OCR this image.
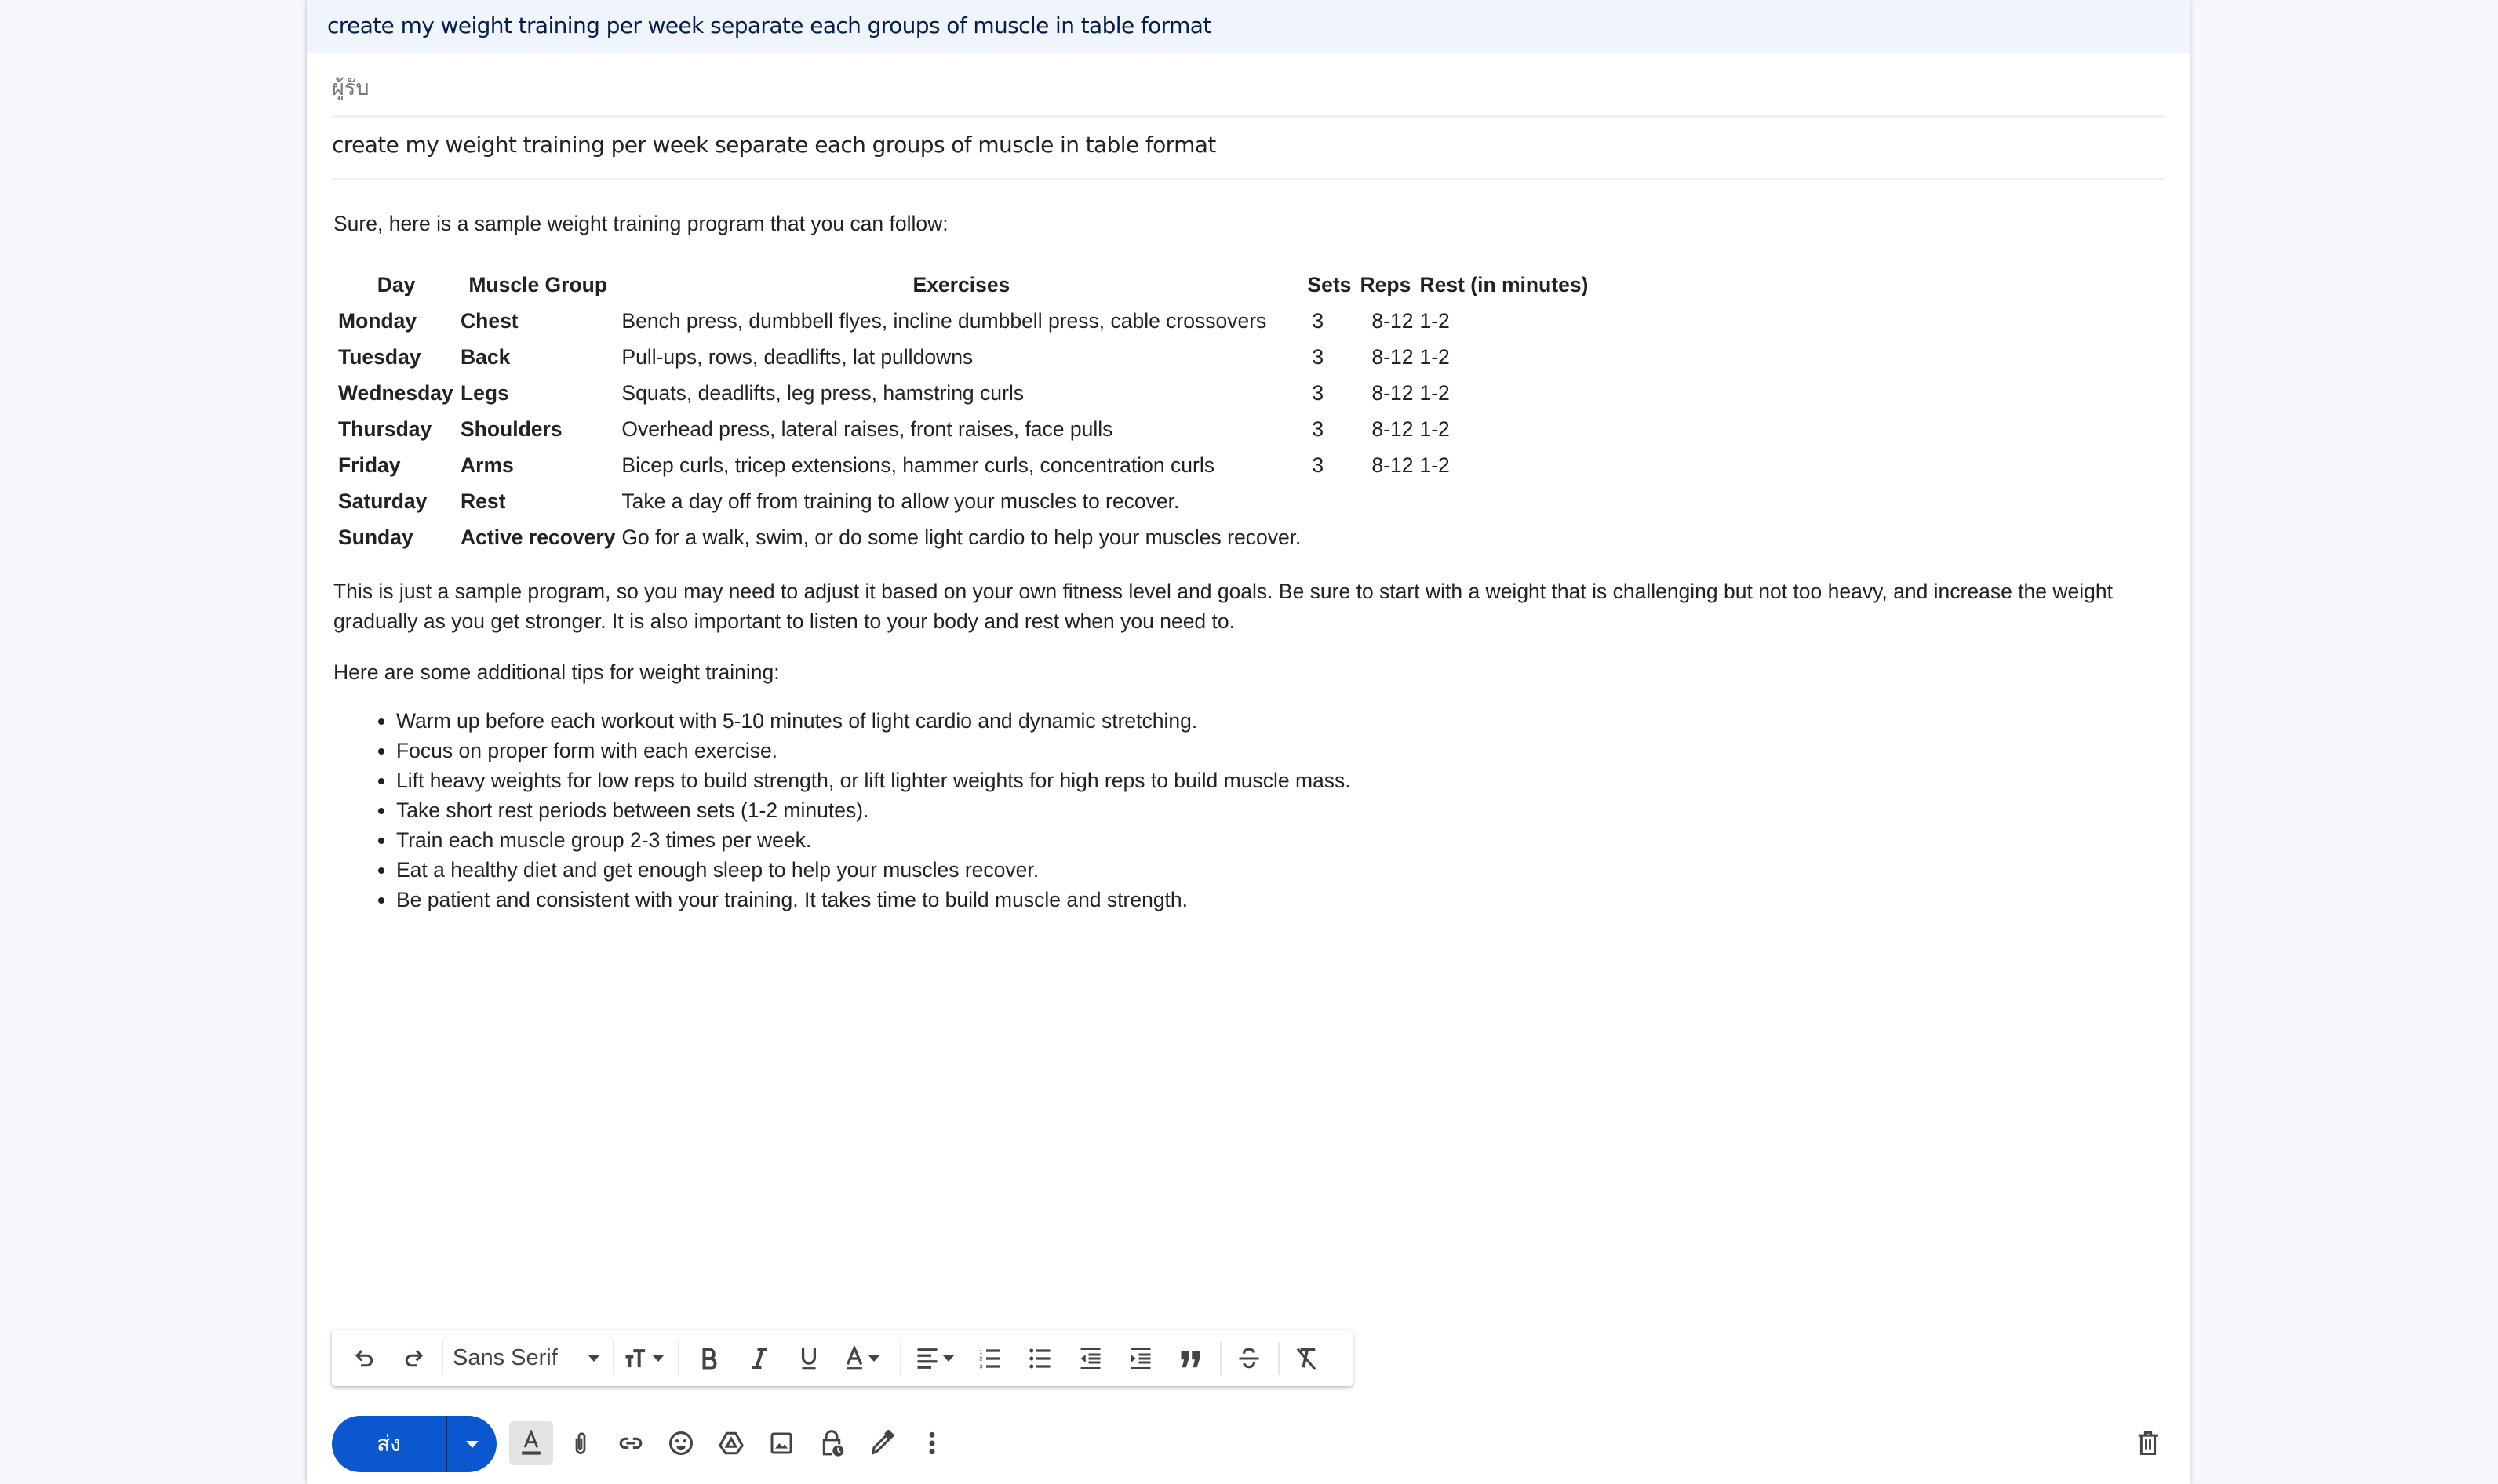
create my weight training per week separate each groups of muscle in table format
ผู้รับ
create my weight training per week separate each groups of muscle in table format
Sure, here is a sample weight training program that you can follow:
Day	Muscle Group	Exercises	Sets	Reps	Rest (in minutes)
Monday	Chest	Bench press, dumbbell flyes, incline dumbbell press, cable crossovers	3	8-12	1-2
Tuesday	Back	Pull-ups, rows, deadlifts, lat pulldowns	3	8-12	1-2
Wednesday	Legs	Squats, deadlifts, leg press, hamstring curls	3	8-12	1-2
Thursday	Shoulders	Overhead press, lateral raises, front raises, face pulls	3	8-12	1-2
Friday	Arms	Bicep curls, tricep extensions, hammer curls, concentration curls	3	8-12	1-2
Saturday	Rest	Take a day off from training to allow your muscles to recover.			
Sunday	Active recovery	Go for a walk, swim, or do some light cardio to help your muscles recover.			
This is just a sample program, so you may need to adjust it based on your own fitness level and goals. Be sure to start with a weight that is challenging but not too heavy, and increase the weight gradually as you get stronger. It is also important to listen to your body and rest when you need to.
Here are some additional tips for weight training:
• Warm up before each workout with 5-10 minutes of light cardio and dynamic stretching.
• Focus on proper form with each exercise.
• Lift heavy weights for low reps to build strength, or lift lighter weights for high reps to build muscle mass.
• Take short rest periods between sets (1-2 minutes).
• Train each muscle group 2-3 times per week.
• Eat a healthy diet and get enough sleep to help your muscles recover.
• Be patient and consistent with your training. It takes time to build muscle and strength.
Sans Serif	1
2
3
ส่ง
